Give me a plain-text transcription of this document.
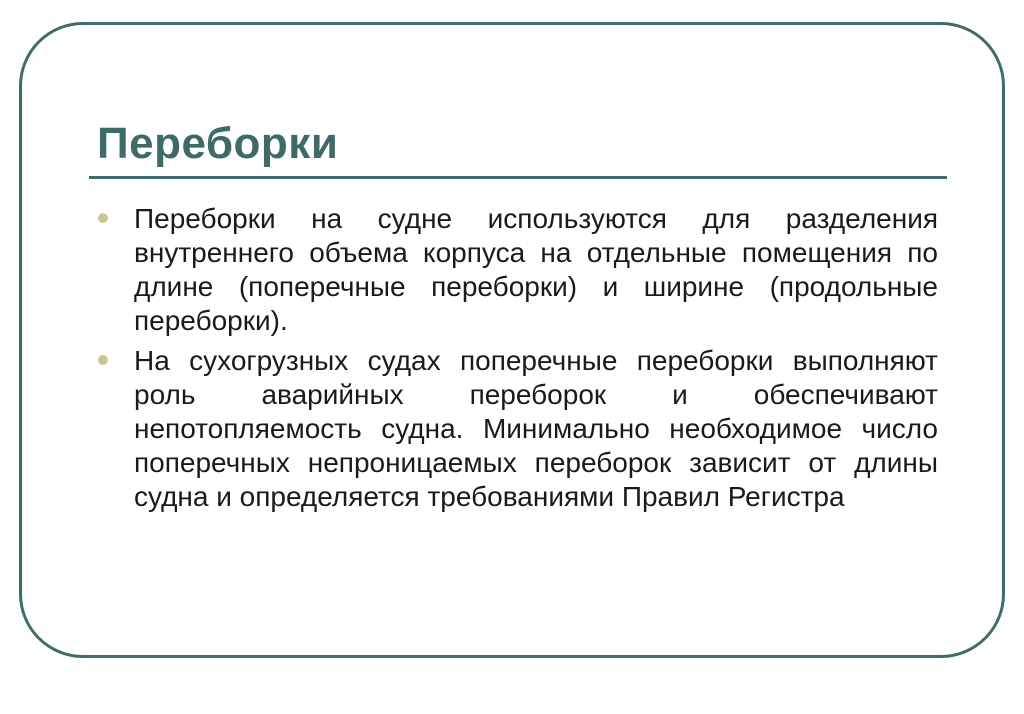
Переборки
Переборки на судне используются для разделения внутреннего объема корпуса на отдельные помещения по длине (поперечные переборки) и ширине (продольные переборки).
На сухогрузных судах поперечные переборки выполняют роль аварийных переборок и обеспечивают непотопляемость судна. Минимально необходимое число поперечных непроницаемых переборок зависит от длины судна и определяется требованиями Правил Регистра
